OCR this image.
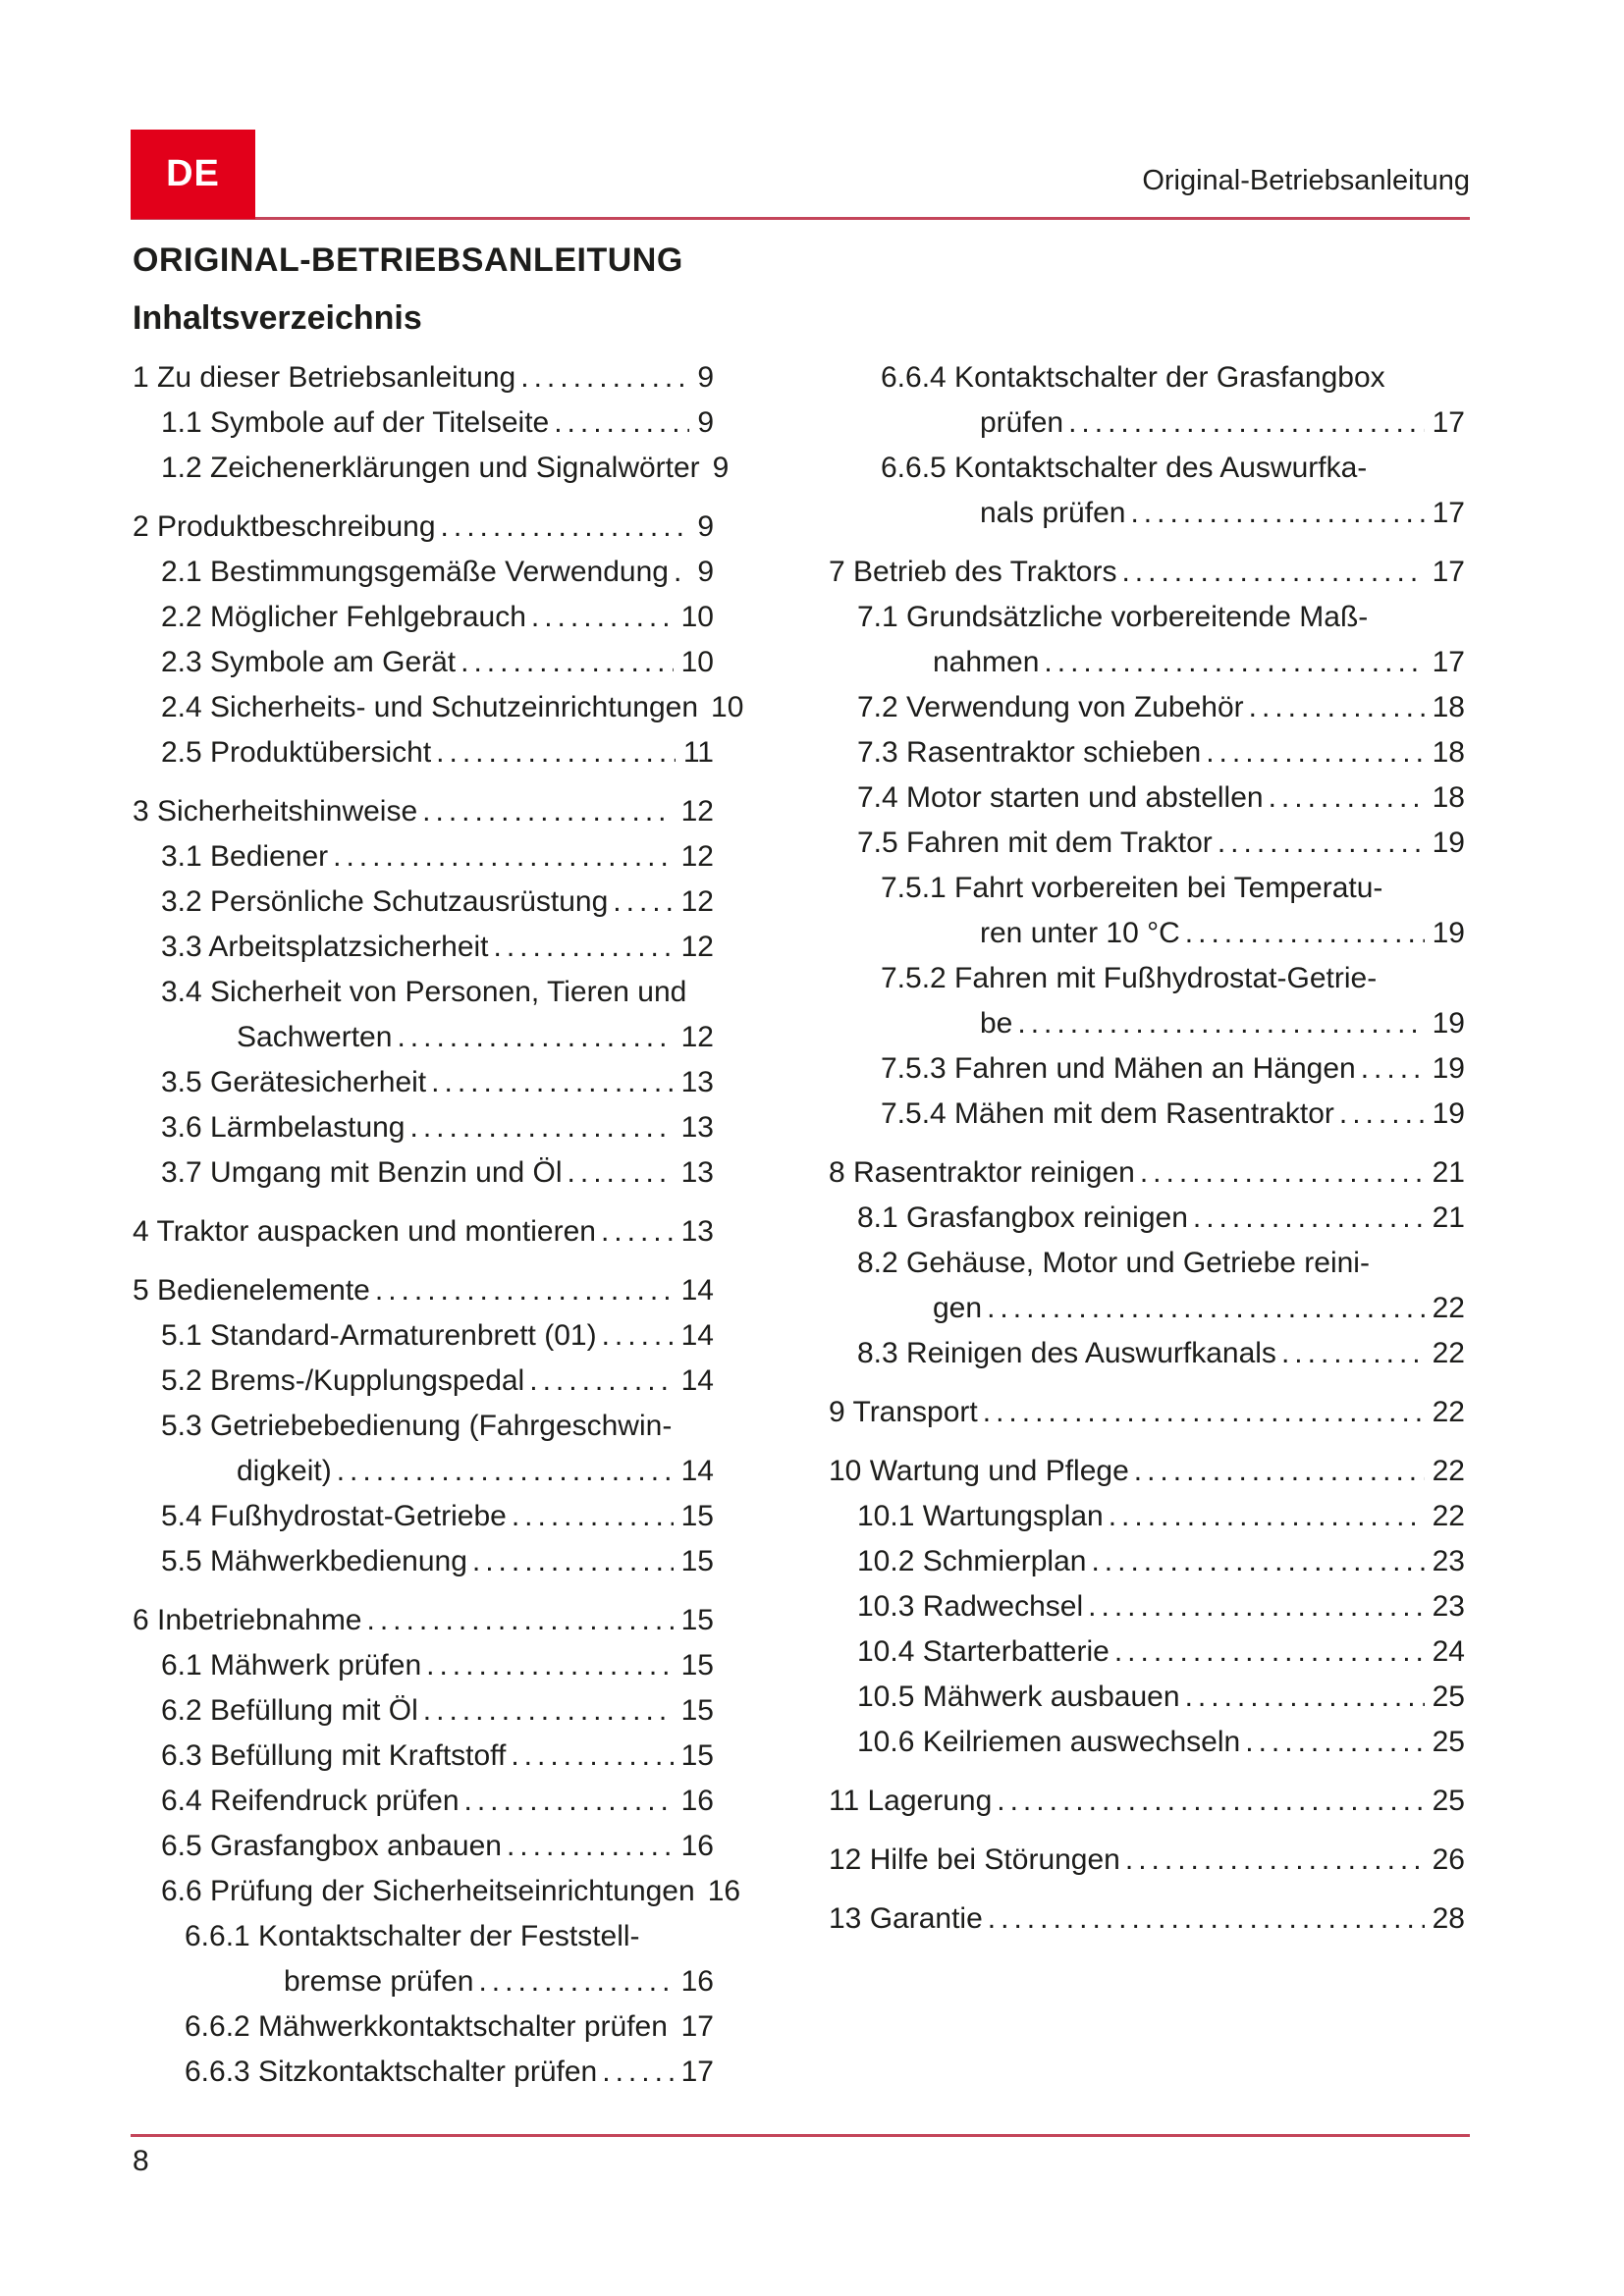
DE	Original-Betriebsanleitung
ORIGINAL-BETRIEBSANLEITUNG
Inhaltsverzeichnis
1 Zu dieser Betriebsanleitung .....	9
1.1 Symbole auf der Titelseite .....	9
1.2 Zeichenerklärungen und Signalwörter 9
2 Produktbeschreibung .....	9
2.1 Bestimmungsgemäße Verwendung ..... 9
2.2 Möglicher Fehlgebrauch .....	10
2.3 Symbole am Gerät .....	10
2.4 Sicherheits- und Schutzeinrichtungen 10
2.5 Produktübersicht .....	11
3 Sicherheitshinweise .....	12
3.1 Bediener .....	12
3.2 Persönliche Schutzausrüstung ..... 12
3.3 Arbeitsplatzsicherheit .....	12
3.4 Sicherheit von Personen, Tieren und
Sachwerten .....	12
3.5 Gerätesicherheit .....	13
3.6 Lärmbelastung .....	13
3.7 Umgang mit Benzin und Öl .....	13
4 Traktor auspacken und montieren .....	13
5 Bedienelemente .....	14
5.1 Standard-Armaturenbrett (01) .....	14
5.2 Brems-/Kupplungspedal .....	14
5.3 Getriebebedienung (Fahrgeschwin-
digkeit) .....	14
5.4 Fußhydrostat-Getriebe .....	15
5.5 Mähwerkbedienung .....	15
6 Inbetriebnahme .....	15
6.1 Mähwerk prüfen .....	15
6.2 Befüllung mit Öl .....	15
6.3 Befüllung mit Kraftstoff .....	15
6.4 Reifendruck prüfen .....	16
6.5 Grasfangbox anbauen .....	16
6.6 Prüfung der Sicherheitseinrichtungen 16
6.6.1 Kontaktschalter der Feststell-
bremse prüfen .....	16
6.6.2 Mähwerkkontaktschalter prüfen ..... 17
6.6.3 Sitzkontaktschalter prüfen .....	17
6.6.4 Kontaktschalter der Grasfangbox
prüfen .....	17
6.6.5 Kontaktschalter des Auswurfka-
nals prüfen .....	17
7 Betrieb des Traktors .....	17
7.1 Grundsätzliche vorbereitende Maß-
nahmen .....	17
7.2 Verwendung von Zubehör .....	18
7.3 Rasentraktor schieben .....	18
7.4 Motor starten und abstellen .....	18
7.5 Fahren mit dem Traktor .....	19
7.5.1 Fahrt vorbereiten bei Temperatu-
ren unter 10 °C .....	19
7.5.2 Fahren mit Fußhydrostat-Getrie-
be .....	19
7.5.3 Fahren und Mähen an Hängen .....	19
7.5.4 Mähen mit dem Rasentraktor .....	19
8 Rasentraktor reinigen .....	21
8.1 Grasfangbox reinigen .....	21
8.2 Gehäuse, Motor und Getriebe reini-
gen .....	22
8.3 Reinigen des Auswurfkanals .....	22
9 Transport .....	22
10 Wartung und Pflege .....	22
10.1 Wartungsplan .....	22
10.2 Schmierplan .....	23
10.3 Radwechsel .....	23
10.4 Starterbatterie .....	24
10.5 Mähwerk ausbauen .....	25
10.6 Keilriemen auswechseln .....	25
11 Lagerung .....	25
12 Hilfe bei Störungen .....	26
13 Garantie .....	28
8
